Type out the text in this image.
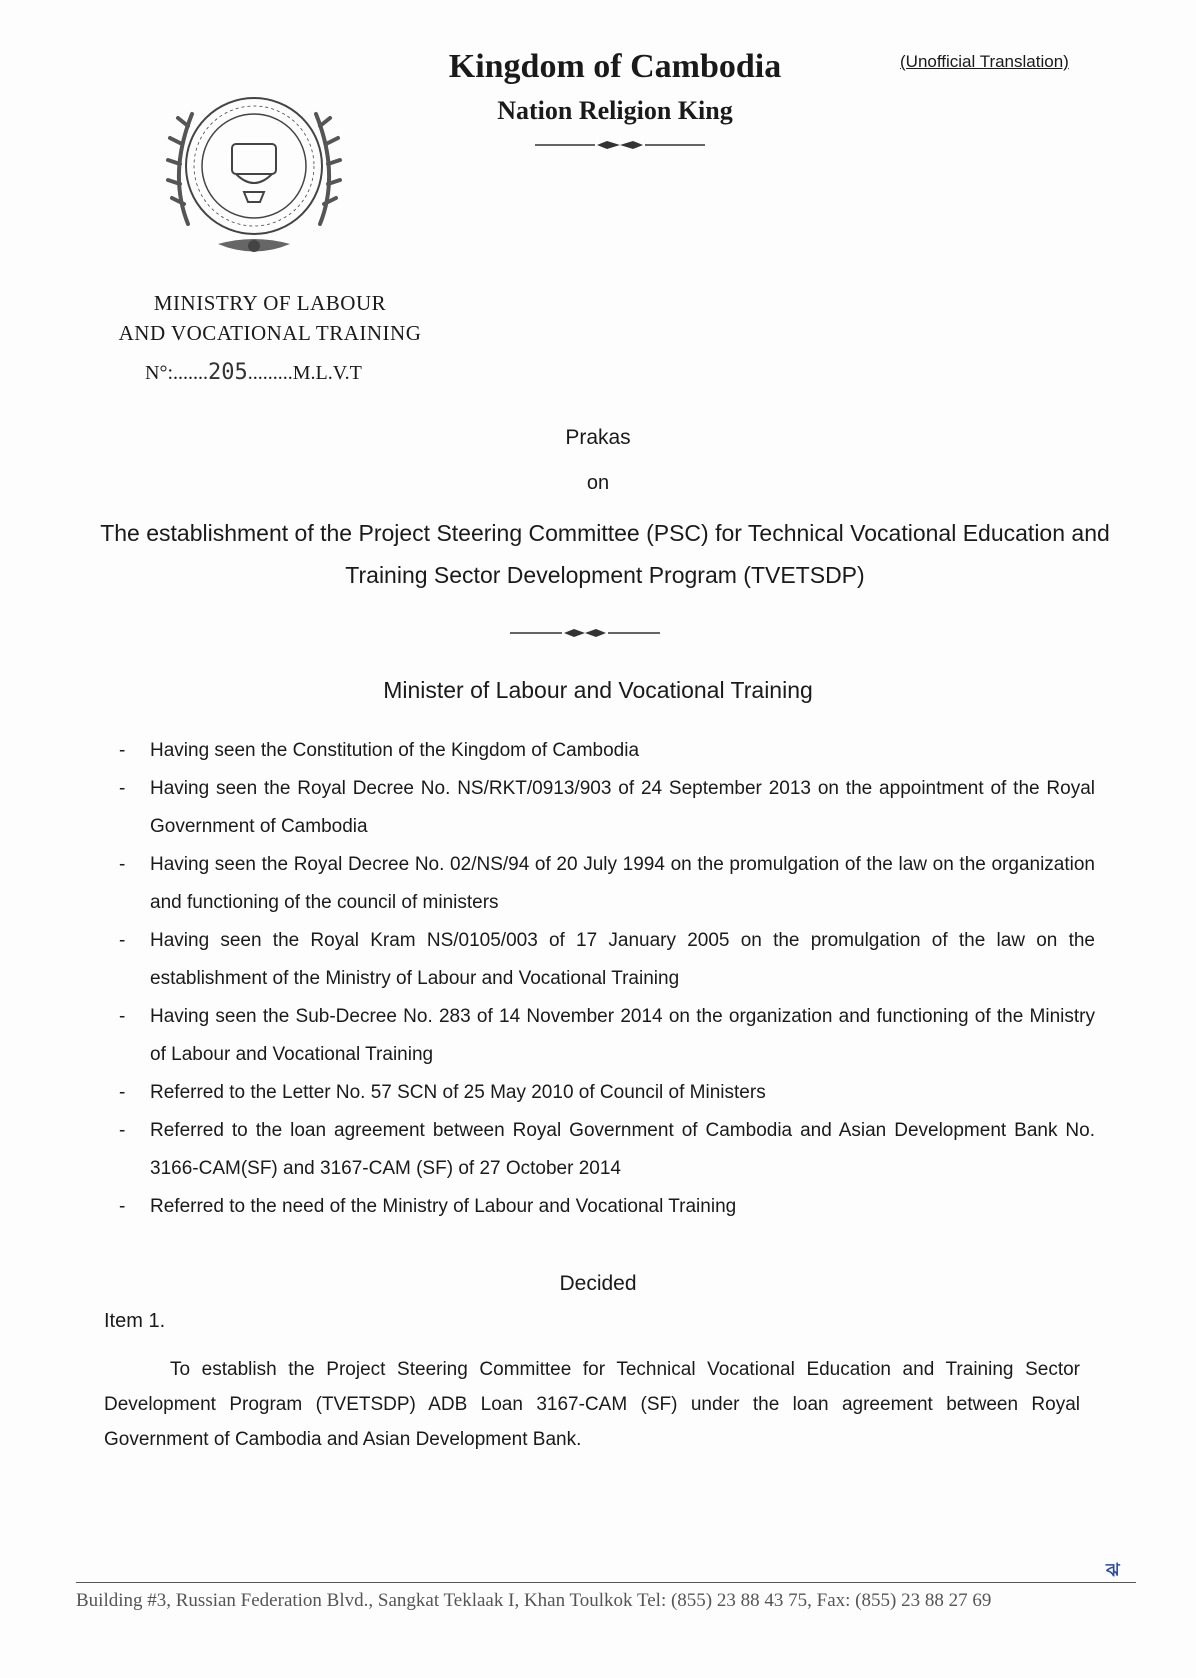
Kingdom of Cambodia
Nation Religion King
(Unofficial Translation)
MINISTRY OF LABOUR
AND VOCATIONAL TRAINING
N°:.......205.........M.L.V.T
Prakas
on
The establishment of the Project Steering Committee (PSC) for Technical Vocational Education and Training Sector Development Program (TVETSDP)
Minister of Labour and Vocational Training
- Having seen the Constitution of the Kingdom of Cambodia
- Having seen the Royal Decree No. NS/RKT/0913/903 of 24 September 2013 on the appointment of the Royal Government of Cambodia
- Having seen the Royal Decree No. 02/NS/94 of 20 July 1994 on the promulgation of the law on the organization and functioning of the council of ministers
- Having seen the Royal Kram NS/0105/003 of 17 January 2005 on the promulgation of the law on the establishment of the Ministry of Labour and Vocational Training
- Having seen the Sub-Decree No. 283 of 14 November 2014 on the organization and functioning of the Ministry of Labour and Vocational Training
- Referred to the Letter No. 57 SCN of 25 May 2010 of Council of Ministers
- Referred to the loan agreement between Royal Government of Cambodia and Asian Development Bank No. 3166-CAM(SF) and 3167-CAM (SF) of 27 October 2014
- Referred to the need of the Ministry of Labour and Vocational Training
Decided
Item 1.
To establish the Project Steering Committee for Technical Vocational Education and Training Sector Development Program (TVETSDP) ADB Loan 3167-CAM (SF) under the loan agreement between Royal Government of Cambodia and Asian Development Bank.
ঝ
Building #3, Russian Federation Blvd., Sangkat Teklaak I, Khan Toulkok Tel: (855) 23 88 43 75, Fax: (855) 23 88 27 69
